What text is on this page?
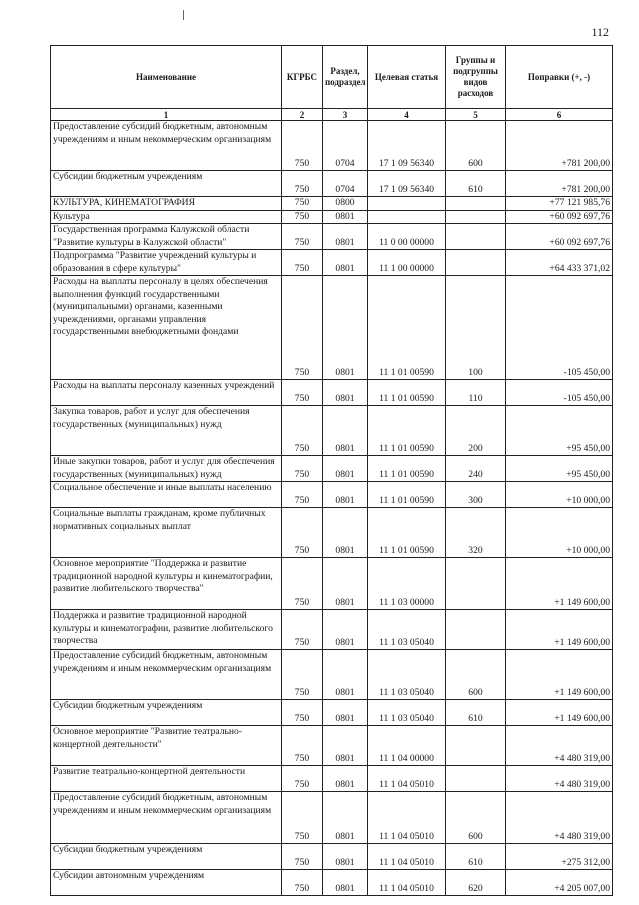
112
Наименование	КГРБС	Раздел, подраздел	Целевая статья	Группы и подгруппы видов расходов	Поправки (+, -)
1	2	3	4	5	6
Предоставление субсидий бюджетным, автономным учреждениям и иным некоммерческим организациям	750	0704	17 1 09 56340	600	+781 200,00
Субсидии бюджетным учреждениям	750	0704	17 1 09 56340	610	+781 200,00
КУЛЬТУРА, КИНЕМАТОГРАФИЯ	750	0800			+77 121 985,76
Культура	750	0801			+60 092 697,76
Государственная программа Калужской области "Развитие культуры в Калужской области"	750	0801	11 0 00 00000		+60 092 697,76
Подпрограмма "Развитие учреждений культуры и образования в сфере культуры"	750	0801	11 1 00 00000		+64 433 371,02
Расходы на выплаты персоналу в целях обеспечения выполнения функций государственными (муниципальными) органами, казенными учреждениями, органами управления государственными внебюджетными фондами	750	0801	11 1 01 00590	100	-105 450,00
Расходы на выплаты персоналу казенных учреждений	750	0801	11 1 01 00590	110	-105 450,00
Закупка товаров, работ и услуг для обеспечения государственных (муниципальных) нужд	750	0801	11 1 01 00590	200	+95 450,00
Иные закупки товаров, работ и услуг для обеспечения государственных (муниципальных) нужд	750	0801	11 1 01 00590	240	+95 450,00
Социальное обеспечение и иные выплаты населению	750	0801	11 1 01 00590	300	+10 000,00
Социальные выплаты гражданам, кроме публичных нормативных социальных выплат	750	0801	11 1 01 00590	320	+10 000,00
Основное мероприятие "Поддержка и развитие традиционной народной культуры и кинематографии, развитие любительского творчества"	750	0801	11 1 03 00000		+1 149 600,00
Поддержка и развитие традиционной народной культуры и кинематографии, развитие любительского творчества	750	0801	11 1 03 05040		+1 149 600,00
Предоставление субсидий бюджетным, автономным учреждениям и иным некоммерческим организациям	750	0801	11 1 03 05040	600	+1 149 600,00
Субсидии бюджетным учреждениям	750	0801	11 1 03 05040	610	+1 149 600,00
Основное мероприятие "Развитие театрально-концертной деятельности"	750	0801	11 1 04 00000		+4 480 319,00
Развитие театрально-концертной деятельности	750	0801	11 1 04 05010		+4 480 319,00
Предоставление субсидий бюджетным, автономным учреждениям и иным некоммерческим организациям	750	0801	11 1 04 05010	600	+4 480 319,00
Субсидии бюджетным учреждениям	750	0801	11 1 04 05010	610	+275 312,00
Субсидии автономным учреждениям	750	0801	11 1 04 05010	620	+4 205 007,00
